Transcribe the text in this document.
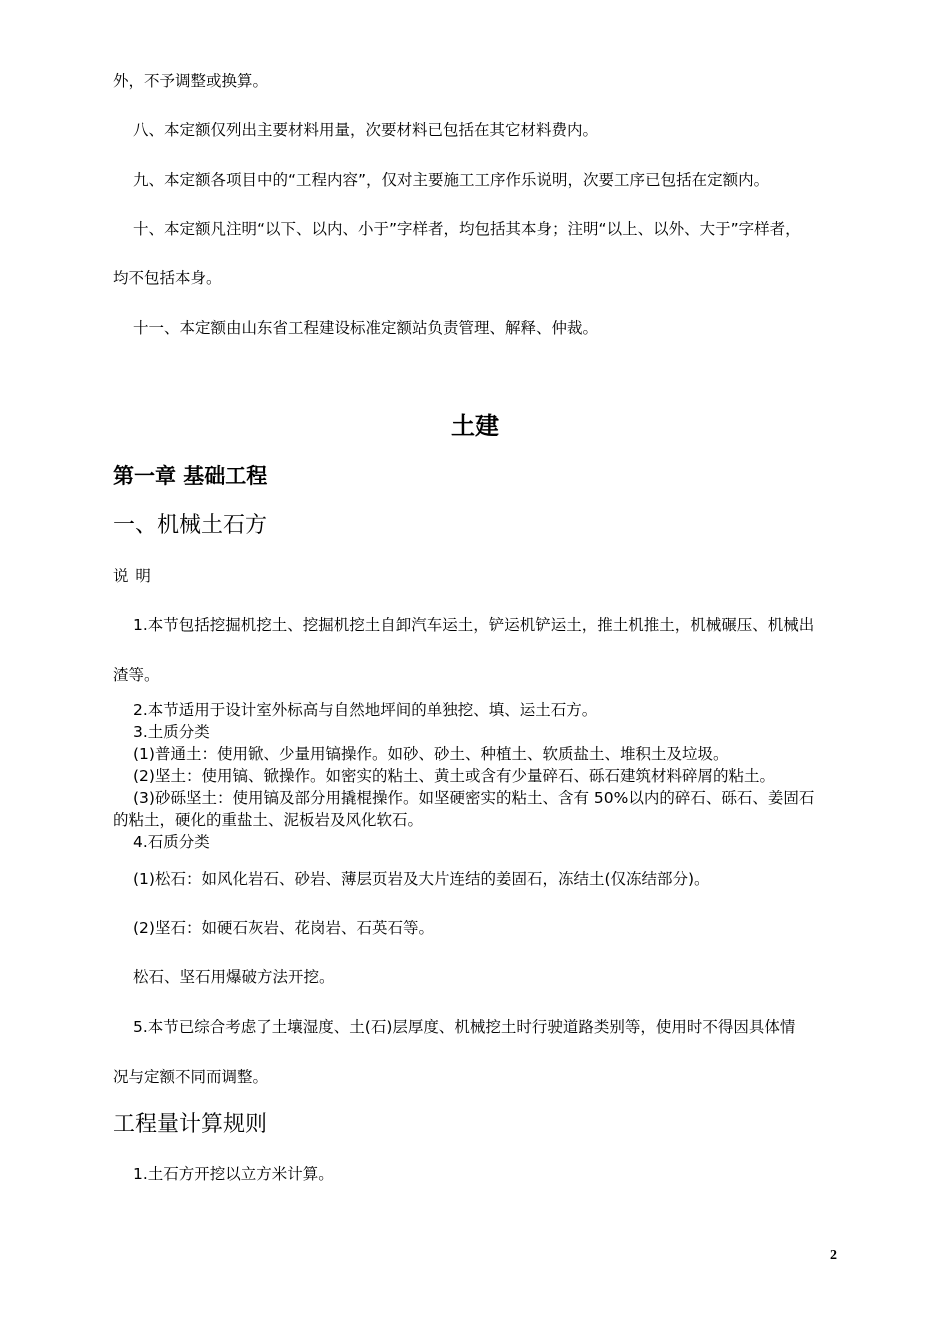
外，不予调整或换算。
八、本定额仅列出主要材料用量，次要材料已包括在其它材料费内。
九、本定额各项目中的“工程内容”，仅对主要施工工序作乐说明，次要工序已包括在定额内。
十、本定额凡注明“以下、以内、小于”字样者，均包括其本身；注明“以上、以外、大于”字样者，
均不包括本身。
十一、本定额由山东省工程建设标准定额站负责管理、解释、仲裁。
土建
第一章 基础工程
一、机械土石方
说 明
1.本节包括挖掘机挖土、挖掘机挖土自卸汽车运土，铲运机铲运土，推土机推土，机械碾压、机械出
渣等。
2.本节适用于设计室外标高与自然地坪间的单独挖、填、运土石方。
3.土质分类
(1)普通土：使用锨、少量用镐操作。如砂、砂土、种植土、软质盐土、堆积土及垃圾。
(2)坚土：使用镐、锨操作。如密实的粘土、黄土或含有少量碎石、砾石建筑材料碎屑的粘土。
(3)砂砾坚土：使用镐及部分用撬棍操作。如坚硬密实的粘土、含有 50%以内的碎石、砾石、姜固石
的粘土，硬化的重盐土、泥板岩及风化软石。
4.石质分类
(1)松石：如风化岩石、砂岩、薄层页岩及大片连结的姜固石，冻结土(仅冻结部分)。
(2)坚石：如硬石灰岩、花岗岩、石英石等。
松石、坚石用爆破方法开挖。
5.本节已综合考虑了土壤湿度、土(石)层厚度、机械挖土时行驶道路类别等，使用时不得因具体情
况与定额不同而调整。
工程量计算规则
1.土石方开挖以立方米计算。
2
